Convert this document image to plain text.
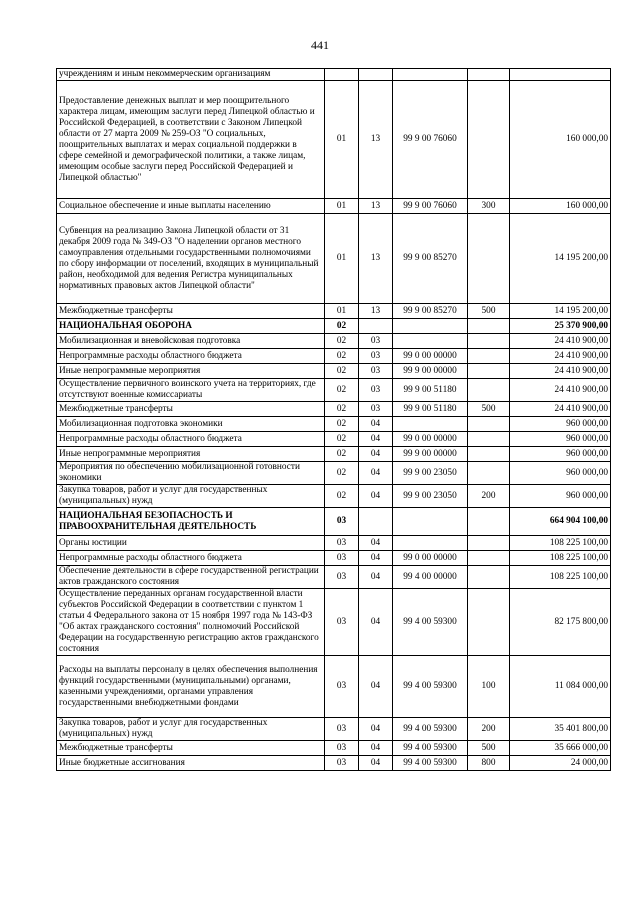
441
учреждениям и иным некоммерческим организациям					
Предоставление денежных выплат и мер поощрительного характера лицам, имеющим заслуги перед Липецкой областью и Российской Федерацией, в соответствии с Законом Липецкой области от 27 марта 2009 № 259-ОЗ "О социальных, поощрительных выплатах и мерах социальной поддержки в сфере семейной и демографической политики, а также лицам, имеющим особые заслуги перед Российской Федерацией и Липецкой областью"	01	13	99 9 00 76060		160 000,00
Социальное обеспечение и иные выплаты населению	01	13	99 9 00 76060	300	160 000,00
Субвенция на реализацию Закона Липецкой области от 31 декабря 2009 года № 349-ОЗ "О наделении органов местного самоуправления отдельными государственными полномочиями по сбору информации от поселений, входящих в муниципальный район, необходимой для ведения Регистра муниципальных нормативных правовых актов Липецкой области"	01	13	99 9 00 85270		14 195 200,00
Межбюджетные трансферты	01	13	99 9 00 85270	500	14 195 200,00
НАЦИОНАЛЬНАЯ ОБОРОНА	02				25 370 900,00
Мобилизационная и вневойсковая подготовка	02	03			24 410 900,00
Непрограммные расходы областного бюджета	02	03	99 0 00 00000		24 410 900,00
Иные непрограммные мероприятия	02	03	99 9 00 00000		24 410 900,00
Осуществление первичного воинского учета на территориях, где отсутствуют военные комиссариаты	02	03	99 9 00 51180		24 410 900,00
Межбюджетные трансферты	02	03	99 9 00 51180	500	24 410 900,00
Мобилизационная подготовка экономики	02	04			960 000,00
Непрограммные расходы областного бюджета	02	04	99 0 00 00000		960 000,00
Иные непрограммные мероприятия	02	04	99 9 00 00000		960 000,00
Мероприятия по обеспечению мобилизационной готовности экономики	02	04	99 9 00 23050		960 000,00
Закупка товаров, работ и услуг для государственных (муниципальных) нужд	02	04	99 9 00 23050	200	960 000,00
НАЦИОНАЛЬНАЯ БЕЗОПАСНОСТЬ И ПРАВООХРАНИТЕЛЬНАЯ ДЕЯТЕЛЬНОСТЬ	03				664 904 100,00
Органы юстиции	03	04			108 225 100,00
Непрограммные расходы областного бюджета	03	04	99 0 00 00000		108 225 100,00
Обеспечение деятельности в сфере государственной регистрации актов гражданского состояния	03	04	99 4 00 00000		108 225 100,00
Осуществление переданных органам государственной власти субъектов Российской Федерации в соответствии с пунктом 1 статьи 4 Федерального закона от 15 ноября 1997 года № 143-ФЗ "Об актах гражданского состояния" полномочий Российской Федерации на государственную регистрацию актов гражданского состояния	03	04	99 4 00 59300		82 175 800,00
Расходы на выплаты персоналу в целях обеспечения выполнения функций государственными (муниципальными) органами, казенными учреждениями, органами управления государственными внебюджетными фондами	03	04	99 4 00 59300	100	11 084 000,00
Закупка товаров, работ и услуг для государственных (муниципальных) нужд	03	04	99 4 00 59300	200	35 401 800,00
Межбюджетные трансферты	03	04	99 4 00 59300	500	35 666 000,00
Иные бюджетные ассигнования	03	04	99 4 00 59300	800	24 000,00
